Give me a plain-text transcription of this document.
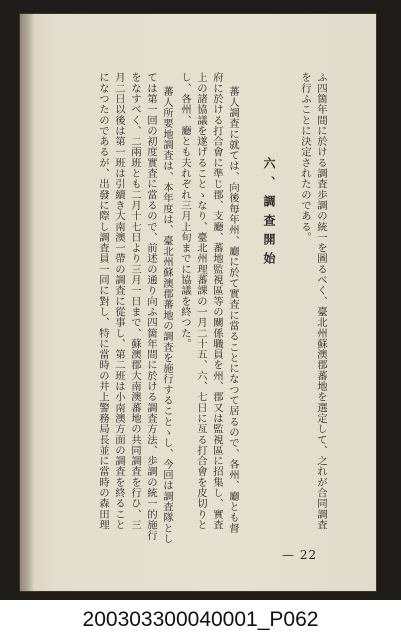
ふ四箇年間に於ける調査歩調の統一を圖るべく、臺北州蘇澳郡蕃地を選定して、之れが合同調査
を行ふことに決定されたのである。
六、調查開始
蕃人調査に就ては、向後毎年州、廳に於て實査に當ることになつて居るので、各州、廳とも督
府に於ける打合會に準じ郡、支廳、蕃地監視區等の關係職員を州、郡又は監視區に招集し、實査
上の諸協議を遂げることゝなり、臺北州理蕃課の一月二十五、六、七日に亙る打合會を皮切りと
し、各州、廳とも夫れぞれ三月上旬までに協議を終つた。
蕃人所要地調査は、本年度は、臺北州蘇澳郡蕃地の調査を施行することゝし、今回は調査隊とし
ては第一回の初度實査に當るので、前述の通り向ふ四箇年間に於ける調査方法、歩調の統一的施行
をなすべく、二兩班とも二月十七日より三月一日まで、蘇澳郡大南澳蕃地の共同調査を行ひ、三
月二日以後は第一班は引續き大南澳一帶の調査に從事し、第二班は小南澳方面の調査を終ること
になつたのであるが、出發に際し調査員一同に對し、特に當時の井上警務局長並に當時の森田理
— 22
200303300040001_P062
